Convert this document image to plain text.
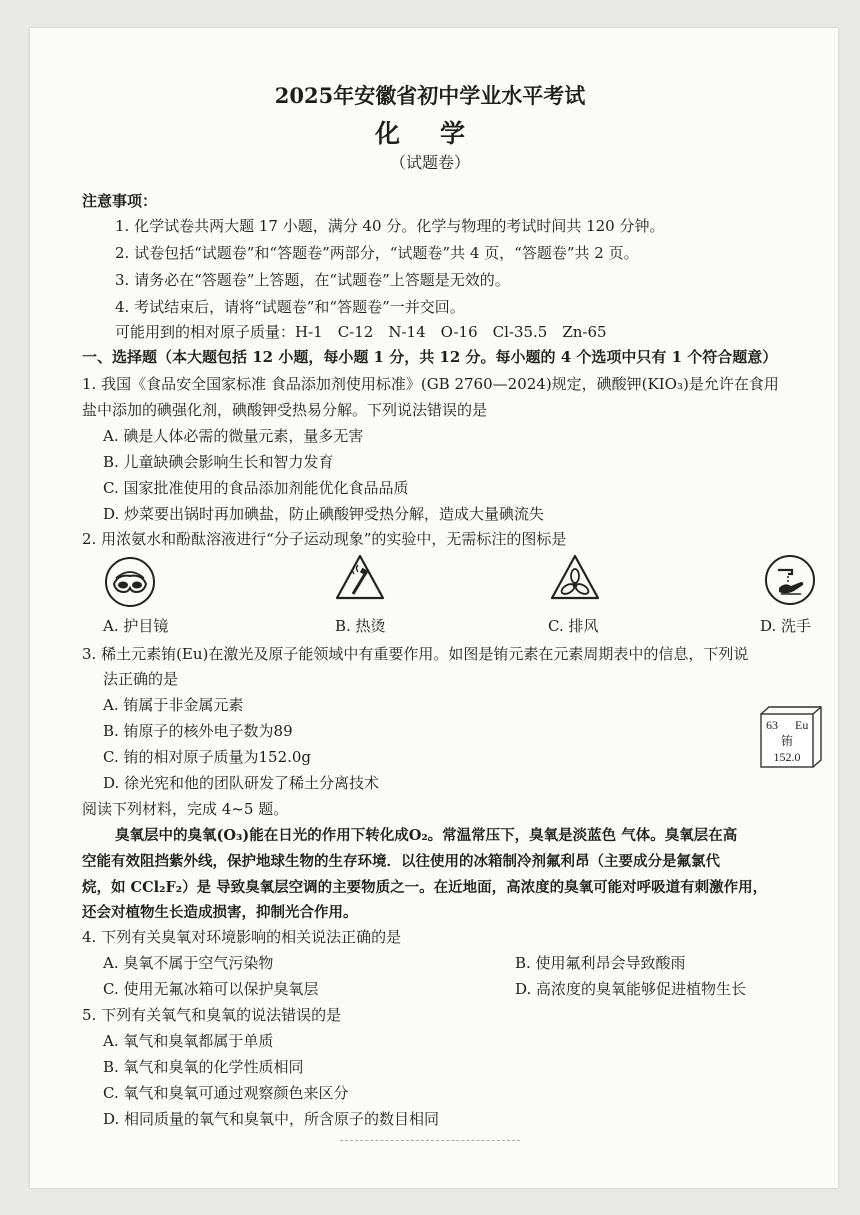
2025年安徽省初中学业水平考试
化学
（试题卷）
注意事项：
1. 化学试卷共两大题 17 小题，满分 40 分。化学与物理的考试时间共 120 分钟。
2. 试卷包括“试题卷”和“答题卷”两部分，“试题卷”共 4 页，“答题卷”共 2 页。
3. 请务必在“答题卷”上答题，在“试题卷”上答题是无效的。
4. 考试结束后，请将“试题卷”和“答题卷”一并交回。
可能用到的相对原子质量：H-1　C-12　N-14　O-16　Cl-35.5　Zn-65
一、选择题（本大题包括 12 小题，每小题 1 分，共 12 分。每小题的 4 个选项中只有 1 个符合题意）
1. 我国《食品安全国家标准 食品添加剂使用标准》(GB 2760—2024)规定，碘酸钾(KIO₃)是允许在食用
盐中添加的碘强化剂，碘酸钾受热易分解。下列说法错误的是
A. 碘是人体必需的微量元素，量多无害
B. 儿童缺碘会影响生长和智力发育
C. 国家批准使用的食品添加剂能优化食品品质
D. 炒菜要出锅时再加碘盐，防止碘酸钾受热分解，造成大量碘流失
2. 用浓氨水和酚酞溶液进行“分子运动现象”的实验中，无需标注的图标是
A. 护目镜	B. 热烫	C. 排风	D. 洗手
3. 稀土元素铕(Eu)在激光及原子能领域中有重要作用。如图是铕元素在元素周期表中的信息，下列说
法正确的是
A. 铕属于非金属元素
B. 铕原子的核外电子数为89
C. 铕的相对原子质量为152.0g
D. 徐光宪和他的团队研发了稀土分离技术
63 Eu
铕
152.0
阅读下列材料，完成 4~5 题。
臭氧层中的臭氧(O₃)能在日光的作用下转化成O₂。常温常压下，臭氧是淡蓝色 气体。臭氧层在高
空能有效阻挡紫外线，保护地球生物的生存环境．以往使用的冰箱制冷剂氟利昂（主要成分是氟氯代
烷，如 CCl₂F₂）是 导致臭氧层空调的主要物质之一。在近地面，高浓度的臭氧可能对呼吸道有刺激作用，
还会对植物生长造成损害，抑制光合作用。
4. 下列有关臭氧对环境影响的相关说法正确的是
A. 臭氧不属于空气污染物	B. 使用氟利昂会导致酸雨
C. 使用无氟冰箱可以保护臭氧层	D. 高浓度的臭氧能够促进植物生长
5. 下列有关氧气和臭氧的说法错误的是
A. 氧气和臭氧都属于单质
B. 氧气和臭氧的化学性质相同
C. 氧气和臭氧可通过观察颜色来区分
D. 相同质量的氧气和臭氧中，所含原子的数目相同
